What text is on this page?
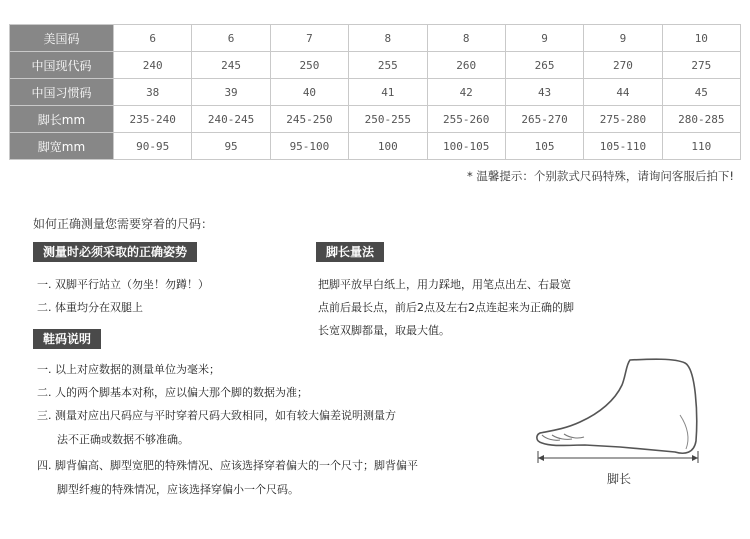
美国码	6	6	7	8	8	9	9	10
中国现代码	240	245	250	255	260	265	270	275
中国习惯码	38	39	40	41	42	43	44	45
脚长mm	235-240	240-245	245-250	250-255	255-260	265-270	275-280	280-285
脚宽mm	90-95	95	95-100	100	100-105	105	105-110	110
* 温馨提示：个别款式尺码特殊，请询问客服后拍下!
如何正确测量您需要穿着的尺码：
测量时必须采取的正确姿势
一. 双脚平行站立（勿坐！勿蹲！）
二. 体重均分在双腿上
脚长量法
把脚平放早白纸上，用力踩地，用笔点出左、右最宽
点前后最长点，前后2点及左右2点连起来为正确的脚
长宽双脚都量，取最大值。
鞋码说明
一. 以上对应数据的测量单位为毫米；
二. 人的两个脚基本对称，应以偏大那个脚的数据为准；
三. 测量对应出尺码应与平时穿着尺码大致相同，如有较大偏差说明测量方
法不正确或数据不够准确。
四. 脚背偏高、脚型宽肥的特殊情况、应该选择穿着偏大的一个尺寸；脚背偏平
脚型纤瘦的特殊情况，应该选择穿偏小一个尺码。
脚长
